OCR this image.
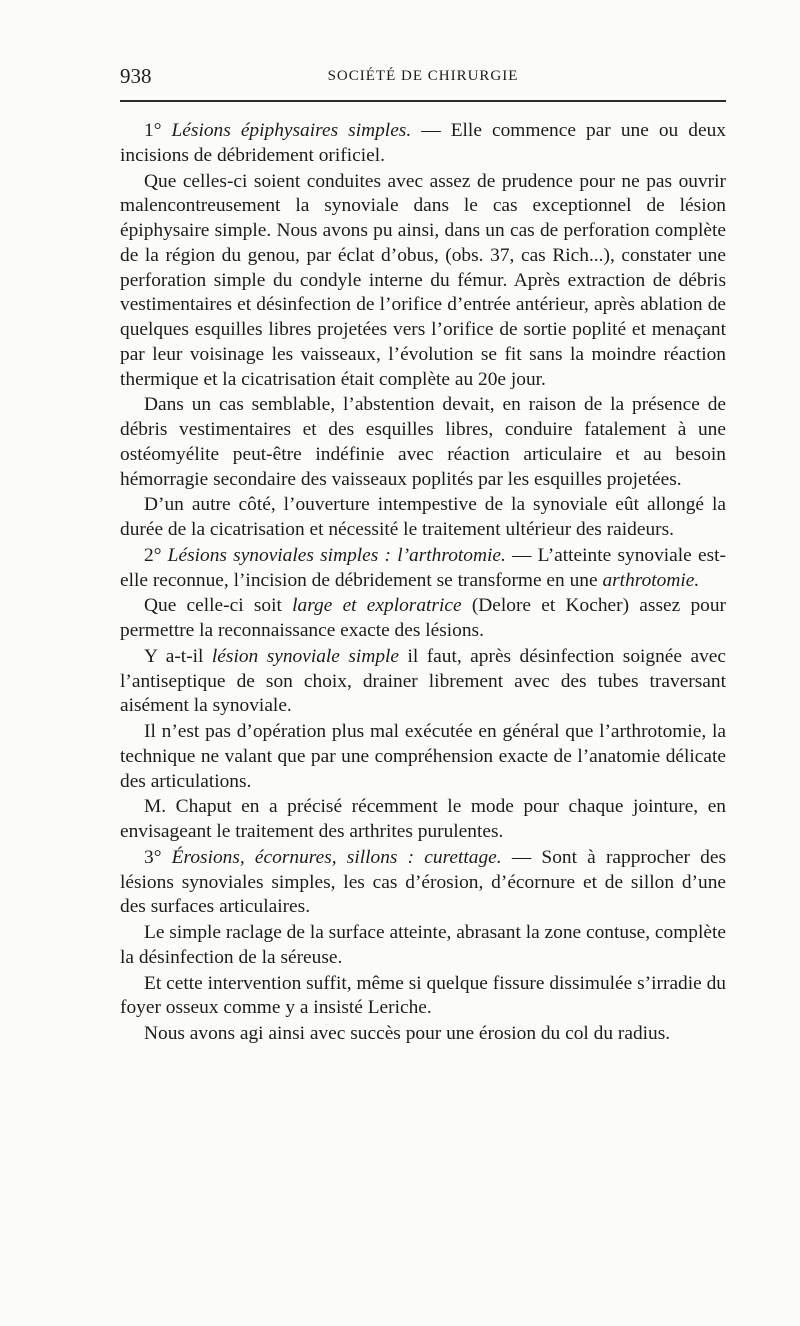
938	SOCIÉTÉ DE CHIRURGIE

1° Lésions épiphysaires simples. — Elle commence par une ou deux incisions de débridement orificiel.

Que celles-ci soient conduites avec assez de prudence pour ne pas ouvrir malencontreusement la synoviale dans le cas exceptionnel de lésion épiphysaire simple. Nous avons pu ainsi, dans un cas de perforation complète de la région du genou, par éclat d’obus, (obs. 37, cas Rich...), constater une perforation simple du condyle interne du fémur. Après extraction de débris vestimentaires et désinfection de l’orifice d’entrée antérieur, après ablation de quelques esquilles libres projetées vers l’orifice de sortie poplité et menaçant par leur voisinage les vaisseaux, l’évolution se fit sans la moindre réaction thermique et la cicatrisation était complète au 20e jour.

Dans un cas semblable, l’abstention devait, en raison de la présence de débris vestimentaires et des esquilles libres, conduire fatalement à une ostéomyélite peut-être indéfinie avec réaction articulaire et au besoin hémorragie secondaire des vaisseaux poplités par les esquilles projetées.

D’un autre côté, l’ouverture intempestive de la synoviale eût allongé la durée de la cicatrisation et nécessité le traitement ultérieur des raideurs.

2° Lésions synoviales simples : l’arthrotomie. — L’atteinte synoviale est-elle reconnue, l’incision de débridement se transforme en une arthrotomie.

Que celle-ci soit large et exploratrice (Delore et Kocher) assez pour permettre la reconnaissance exacte des lésions.

Y a-t-il lésion synoviale simple il faut, après désinfection soignée avec l’antiseptique de son choix, drainer librement avec des tubes traversant aisément la synoviale.

Il n’est pas d’opération plus mal exécutée en général que l’arthrotomie, la technique ne valant que par une compréhension exacte de l’anatomie délicate des articulations.

M. Chaput en a précisé récemment le mode pour chaque jointure, en envisageant le traitement des arthrites purulentes.

3° Érosions, écornures, sillons : curettage. — Sont à rapprocher des lésions synoviales simples, les cas d’érosion, d’écornure et de sillon d’une des surfaces articulaires.

Le simple raclage de la surface atteinte, abrasant la zone contuse, complète la désinfection de la séreuse.

Et cette intervention suffit, même si quelque fissure dissimulée s’irradie du foyer osseux comme y a insisté Leriche.

Nous avons agi ainsi avec succès pour une érosion du col du radius.
